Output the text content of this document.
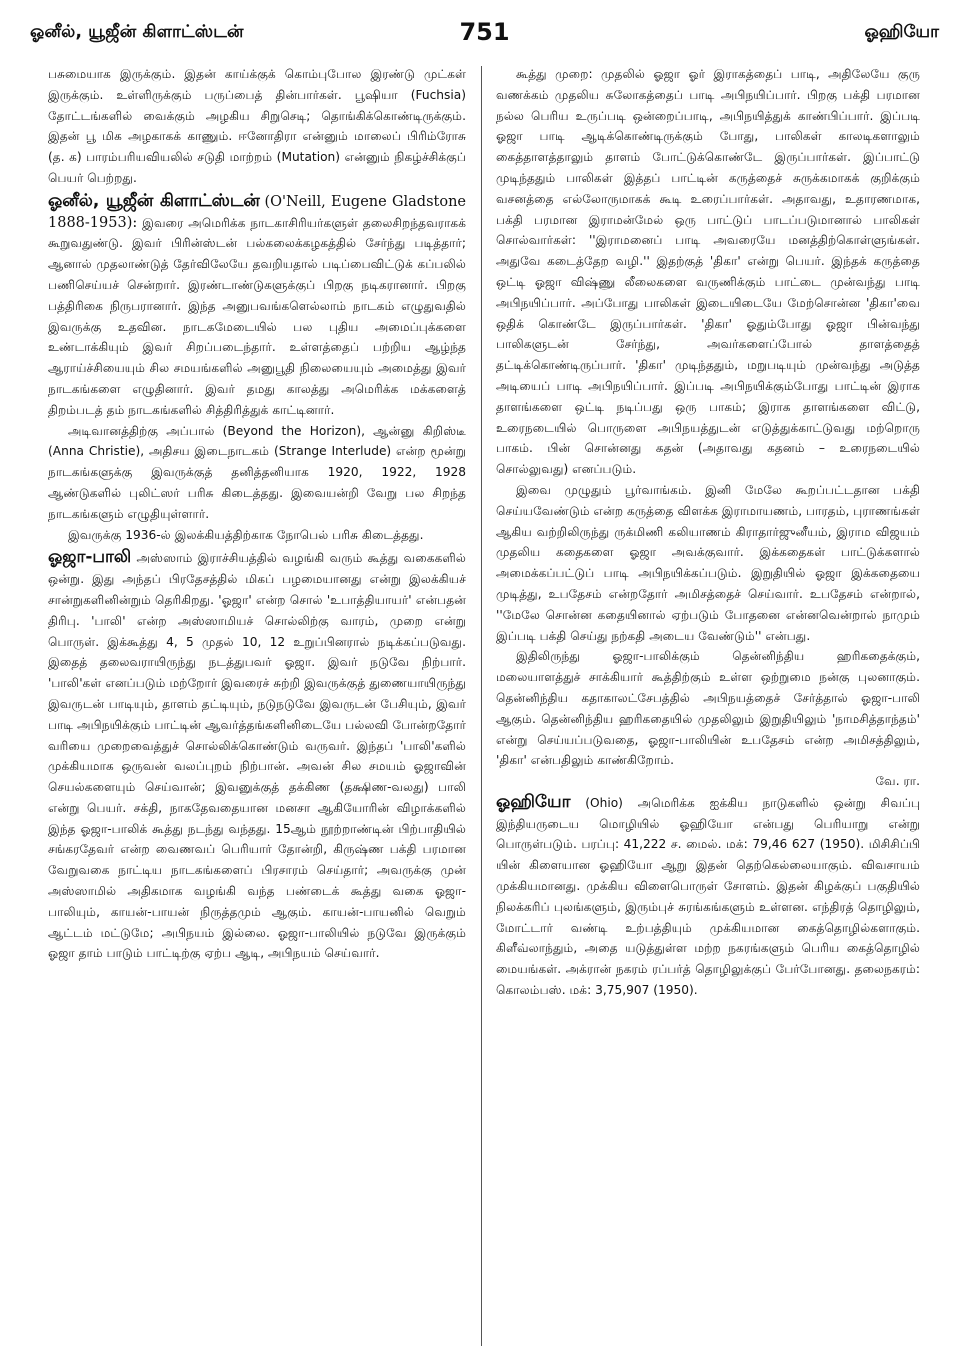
ஓனீல், யூஜீன் கிளாட்ஸ்டன்	751	ஓஹியோ

பசுமையாக இருக்கும். இதன் காய்க்குக் கொம்புபோல இரண்டு முட்கள் இருக்கும். உள்ளிருக்கும் பருப்பைத் தின்பார்கள். பூஷியா (Fuchsia) தோட்டங்களில் வைக்கும் அழகிய சிறுசெடி; தொங்கிக்கொண்டிருக்கும். இதன் பூ மிக அழகாகக் காணும். ஈனோதிரா என்னும் மாலைப் பிரிம்ரோசு (த. க) பாரம்பரியவியலில் சடுதி மாற்றம் (Mutation) என்னும் நிகழ்ச்சிக்குப் பெயர் பெற்றது.

ஓனீல், யூஜீன் கிளாட்ஸ்டன் (O'Neill, Eugene Gladstone 1888-1953): இவரை அமெரிக்க நாடகாசிரியர்களுள் தலைசிறந்தவராகக் கூறுவதுண்டு. இவர் பிரின்ஸ்டன் பல்கலைக்கழகத்தில் சேர்ந்து படித்தார்; ஆனால் முதலாண்டுத் தேர்விலேயே தவறியதால் படிப்பைவிட்டுக் கப்பலில் பணிசெய்யச் சென்றார். இரண்டாண்டுகளுக்குப் பிறகு நடிகரானார். பிறகு பத்திரிகை நிருபரானார். இந்த அனுபவங்களெல்லாம் நாடகம் எழுதுவதில் இவருக்கு உதவின. நாடகமேடையில் பல புதிய அமைப்புக்களை உண்டாக்கியும் இவர் சிறப்படைந்தார். உள்ளத்தைப் பற்றிய ஆழ்ந்த ஆராய்ச்சியையும் சில சமயங்களில் அனுபூதி நிலையையும் அமைத்து இவர் நாடகங்களை எழுதினார். இவர் தமது காலத்து அமெரிக்க மக்களைத் திறம்படத் தம் நாடகங்களில் சித்திரித்துக் காட்டினார்.

அடிவானத்திற்கு அப்பால் (Beyond the Horizon), ஆன்னு கிறிஸ்டீ (Anna Christie), அதிசய இடைநாடகம் (Strange Interlude) என்ற மூன்று நாடகங்களுக்கு இவருக்குத் தனித்தனியாக 1920, 1922, 1928 ஆண்டுகளில் புலிட்ஸர் பரிசு கிடைத்தது. இவையன்றி வேறு பல சிறந்த நாடகங்களும் எழுதியுள்ளார்.

இவருக்கு 1936-ல் இலக்கியத்திற்காக நோபெல் பரிசு கிடைத்தது.

ஓஜா-பாலி அஸ்ஸாம் இராச்சியத்தில் வழங்கி வரும் கூத்து வகைகளில் ஒன்று. இது அந்தப் பிரதேசத்தில் மிகப் பழமையானது என்று இலக்கியச் சான்றுகளினின்றும் தெரிகிறது. 'ஓஜா' என்ற சொல் 'உபாத்தியாயர்' என்பதன் திரிபு. 'பாலி' என்ற அஸ்ஸாமியச் சொல்லிற்கு வாரம், முறை என்று பொருள். இக்கூத்து 4, 5 முதல் 10, 12 உறுப்பினரால் நடிக்கப்படுவது. இதைத் தலைவராயிருந்து நடத்துபவர் ஓஜா. இவர் நடுவே நிற்பார். 'பாலி'கள் எனப்படும் மற்றோர் இவரைச் சுற்றி இவருக்குத் துணையாயிருந்து இவருடன் பாடியும், தாளம் தட்டியும், நடுநடுவே இவருடன் பேசியும், இவர் பாடி அபிநயிக்கும் பாட்டின் ஆவர்த்தங்களினிடையே பல்லவி போன்றதோர் வரியை முறைவைத்துச் சொல்லிக்கொண்டும் வருவர். இந்தப் 'பாலி'களில் முக்கியமாக ஒருவன் வலப்புறம் நிற்பான். அவன் சில சமயம் ஓஜாவின் செயல்களையும் செய்வான்; இவனுக்குத் தக்கிண (தக்ஷிண-வலது) பாலி என்று பெயர். சக்தி, நாகதேவதையான மனசா ஆகியோரின் விழாக்களில் இந்த ஓஜா-பாலிக் கூத்து நடந்து வந்தது. 15ஆம் நூற்றாண்டின் பிற்பாதியில் சங்கரதேவர் என்ற வைணவப் பெரியார் தோன்றி, கிருஷ்ண பக்தி பரமான வேறுவகை நாட்டிய நாடகங்களைப் பிரசாரம் செய்தார்; அவருக்கு முன் அஸ்ஸாமில் அதிகமாக வழங்கி வந்த பண்டைக் கூத்து வகை ஓஜா-பாலியும், காயன்-பாயன் நிருத்தமும் ஆகும். காயன்-பாயனில் வெறும் ஆட்டம் மட்டுமே; அபிநயம் இல்லை. ஓஜா-பாலியில் நடுவே இருக்கும் ஓஜா தாம் பாடும் பாட்டிற்கு ஏற்ப ஆடி, அபிநயம் செய்வார்.

கூத்து முறை: முதலில் ஓஜா ஓர் இராகத்தைப் பாடி, அதிலேயே குரு வணக்கம் முதலிய சுலோகத்தைப் பாடி அபிநயிப்பார். பிறகு பக்தி பரமான நல்ல பெரிய உருப்படி ஒன்றைப்பாடி, அபிநயித்துக் காண்பிப்பார். இப்படி ஓஜா பாடி ஆடிக்கொண்டிருக்கும் போது, பாலிகள் காலடிகளாலும் கைத்தாளத்தாலும் தாளம் போட்டுக்கொண்டே இருப்பார்கள். இப்பாட்டு முடிந்ததும் பாலிகள் இத்தப் பாட்டின் கருத்தைச் சுருக்கமாகக் குறிக்கும் வசனத்தை எல்லோருமாகக் கூடி உரைப்பார்கள். அதாவது, உதாரணமாக, பக்தி பரமான இராமன்மேல் ஒரு பாட்டுப் பாடப்படுமானால் பாலிகள் சொல்வார்கள்: ''இராமனைப் பாடி அவரையே மனத்திற்கொள்ளுங்கள். அதுவே கடைத்தேற வழி.'' இதற்குத் 'திகா' என்று பெயர். இந்தக் கருத்தை ஒட்டி ஓஜா விஷ்ணு லீலைகளை வருணிக்கும் பாட்டை முன்வந்து பாடி அபிநயிப்பார். அப்போது பாலிகள் இடையிடையே மேற்சொன்ன 'திகா'வை ஒதிக் கொண்டே இருப்பார்கள். 'திகா' ஓதும்போது ஓஜா பின்வந்து பாலிகளுடன் சேர்ந்து, அவர்களைப்போல் தாளத்தைத் தட்டிக்கொண்டிருப்பார். 'திகா' முடிந்ததும், மறுபடியும் முன்வந்து அடுத்த அடியைப் பாடி அபிநயிப்பார். இப்படி அபிநயிக்கும்போது பாட்டின் இராக தாளங்களை ஒட்டி நடிப்பது ஒரு பாகம்; இராக தாளங்களை விட்டு, உரைநடையில் பொருளை அபிநயத்துடன் எடுத்துக்காட்டுவது மற்றொரு பாகம். பின் சொன்னது கதன் (அதாவது கதனம் – உரைநடையில் சொல்லுவது) எனப்படும்.

இவை முழுதும் பூர்வாங்கம். இனி மேலே கூறப்பட்டதான பக்தி செய்யவேண்டும் என்ற கருத்தை விளக்க இராமாயணம், பாரதம், புராணங்கள் ஆகிய வற்றிலிருந்து ருக்மிணி கலியாணம் கிராதார்ஜுனீயம், இராம விஜயம் முதலிய கதைகளை ஓஜா அவக்குவார். இக்கதைகள் பாட்டுக்களால் அமைக்கப்பட்டுப் பாடி அபிநயிக்கப்படும். இறுதியில் ஓஜா இக்கதையை முடித்து, உபதேசம் என்றதோர் அமிசத்தைச் செய்வார். உபதேசம் என்றால், ''மேலே சொன்ன கதையினால் ஏற்படும் போதனை என்னவென்றால் நாமும் இப்படி பக்தி செய்து நற்கதி அடைய வேண்டும்'' என்பது.

இதிலிருந்து ஓஜா-பாலிக்கும் தென்னிந்திய ஹரிகதைக்கும், மலையாளத்துச் சாக்கியார் கூத்திற்கும் உள்ள ஒற்றுமை நன்கு புலனாகும். தென்னிந்திய கதாகாலட்சேபத்தில் அபிநயத்தைச் சேர்த்தால் ஓஜா-பாலி ஆகும். தென்னிந்திய ஹரிகதையில் முதலிலும் இறுதியிலும் 'நாமசித்தாந்தம்' என்று செய்யப்படுவதை, ஓஜா-பாலியின் உபதேசம் என்ற அமிசத்திலும், 'திகா' என்பதிலும் காண்கிறோம்.

வே. ரா.

ஓஹியோ (Ohio) அமெரிக்க ஐக்கிய நாடுகளில் ஒன்று சிவப்பு இந்தியருடைய மொழியில் ஓஹியோ என்பது பெரியாறு என்று பொருள்படும். பரப்பு: 41,222 ச. மைல். மக்: 79,46 627 (1950). மிசிசிப்பி யின் கிளையான ஓஹியோ ஆறு இதன் தெற்கெல்லையாகும். விவசாயம் முக்கியமானது. முக்கிய விளைபொருள் சோளம். இதன் கிழக்குப் பகுதியில் நிலக்கரிப் புலங்களும், இரும்புச் சுரங்கங்களும் உள்ளன. எந்திரத் தொழிலும், மோட்டார் வண்டி உற்பத்தியும் முக்கியமான கைத்தொழில்களாகும். கிளீவ்லாந்தும், அதை யடுத்துள்ள மற்ற நகரங்களும் பெரிய கைத்தொழில் மையங்கள். அக்ரான் நகரம் ரப்பர்த் தொழிலுக்குப் பேர்போனது. தலைநகரம்: கொலம்பஸ். மக்: 3,75,907 (1950).
